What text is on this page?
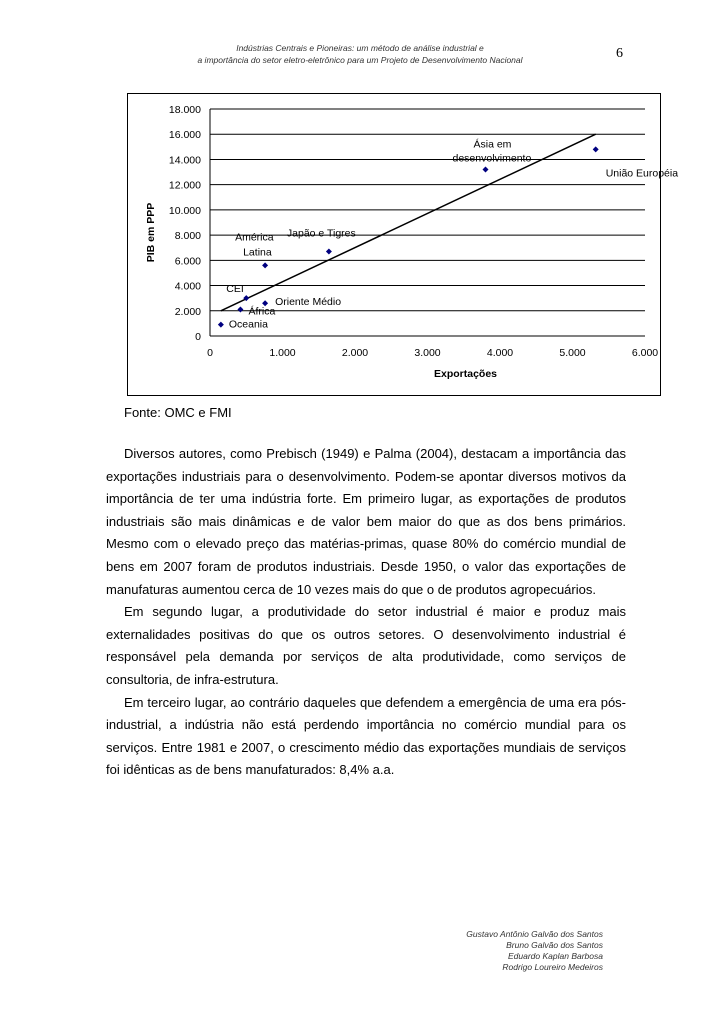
Indústrias Centrais e Pioneiras: um método de análise industrial e
a importância do setor eletro-eletrônico para um Projeto de Desenvolvimento Nacional	6
0
2.000
4.000
6.000
8.000
10.000
12.000
14.000
16.000
18.000
0	1.000	2.000	3.000	4.000	5.000	6.000
Exportações
PIB em PPP
Oceania
África
CEI
Oriente Médio
América
Latina
Japão e Tigres
Ásia em
desenvolvimento
União Européia
Fonte: OMC e FMI

Diversos autores, como Prebisch (1949) e Palma (2004), destacam a importância das exportações industriais para o desenvolvimento. Podem-se apontar diversos motivos da importância de ter uma indústria forte. Em primeiro lugar, as exportações de produtos industriais são mais dinâmicas e de valor bem maior do que as dos bens primários. Mesmo com o elevado preço das matérias-primas, quase 80% do comércio mundial de bens em 2007 foram de produtos industriais. Desde 1950, o valor das exportações de manufaturas aumentou cerca de 10 vezes mais do que o de produtos agropecuários.

Em segundo lugar, a produtividade do setor industrial é maior e produz mais externalidades positivas do que os outros setores. O desenvolvimento industrial é responsável pela demanda por serviços de alta produtividade, como serviços de consultoria, de infra-estrutura.

Em terceiro lugar, ao contrário daqueles que defendem a emergência de uma era pós-industrial, a indústria não está perdendo importância no comércio mundial para os serviços. Entre 1981 e 2007, o crescimento médio das exportações mundiais de serviços foi idênticas as de bens manufaturados: 8,4% a.a.

Gustavo Antônio Galvão dos Santos
Bruno Galvão dos Santos
Eduardo Kaplan Barbosa
Rodrigo Loureiro Medeiros
